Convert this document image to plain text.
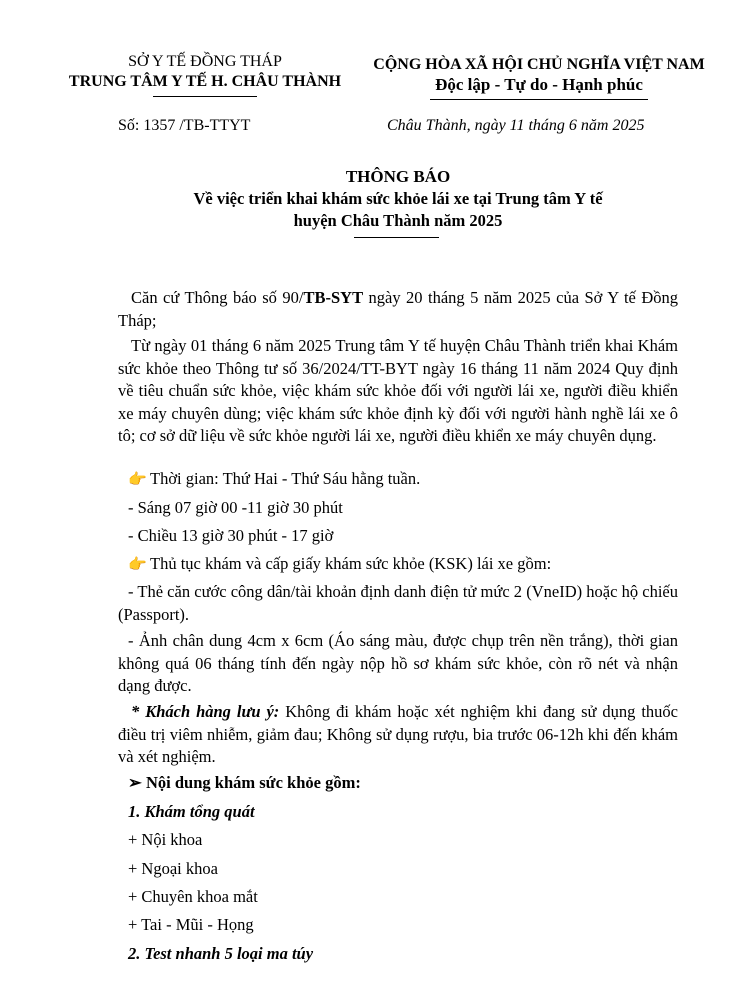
SỞ Y TẾ ĐỒNG THÁP
TRUNG TÂM Y TẾ H. CHÂU THÀNH
CỘNG HÒA XÃ HỘI CHỦ NGHĨA VIỆT NAM
Độc lập - Tự do - Hạnh phúc
Số: 1357 /TB-TTYT	Châu Thành, ngày 11 tháng 6 năm 2025
THÔNG BÁO
Về việc triển khai khám sức khỏe lái xe tại Trung tâm Y tế
huyện Châu Thành năm 2025
Căn cứ Thông báo số 90/TB-SYT ngày 20 tháng 5 năm 2025 của Sở Y tế Đồng Tháp;
Từ ngày 01 tháng 6 năm 2025 Trung tâm Y tế huyện Châu Thành triển khai Khám sức khỏe theo Thông tư số 36/2024/TT-BYT ngày 16 tháng 11 năm 2024 Quy định về tiêu chuẩn sức khỏe, việc khám sức khỏe đối với người lái xe, người điều khiển xe máy chuyên dùng; việc khám sức khỏe định kỳ đối với người hành nghề lái xe ô tô; cơ sở dữ liệu về sức khỏe người lái xe, người điều khiển xe máy chuyên dụng.
👉 Thời gian: Thứ Hai - Thứ Sáu hằng tuần.
- Sáng 07 giờ 00 -11 giờ 30 phút
- Chiều 13 giờ 30 phút - 17 giờ
👉 Thủ tục khám và cấp giấy khám sức khỏe (KSK) lái xe gồm:
- Thẻ căn cước công dân/tài khoản định danh điện tử mức 2 (VneID) hoặc hộ chiếu (Passport).
- Ảnh chân dung 4cm x 6cm (Áo sáng màu, được chụp trên nền trắng), thời gian không quá 06 tháng tính đến ngày nộp hồ sơ khám sức khỏe, còn rõ nét và nhận dạng được.
* Khách hàng lưu ý: Không đi khám hoặc xét nghiệm khi đang sử dụng thuốc điều trị viêm nhiễm, giảm đau; Không sử dụng rượu, bia trước 06-12h khi đến khám và xét nghiệm.
➢ Nội dung khám sức khỏe gồm:
1. Khám tổng quát
+ Nội khoa
+ Ngoại khoa
+ Chuyên khoa mắt
+ Tai - Mũi - Họng
2. Test nhanh 5 loại ma túy
